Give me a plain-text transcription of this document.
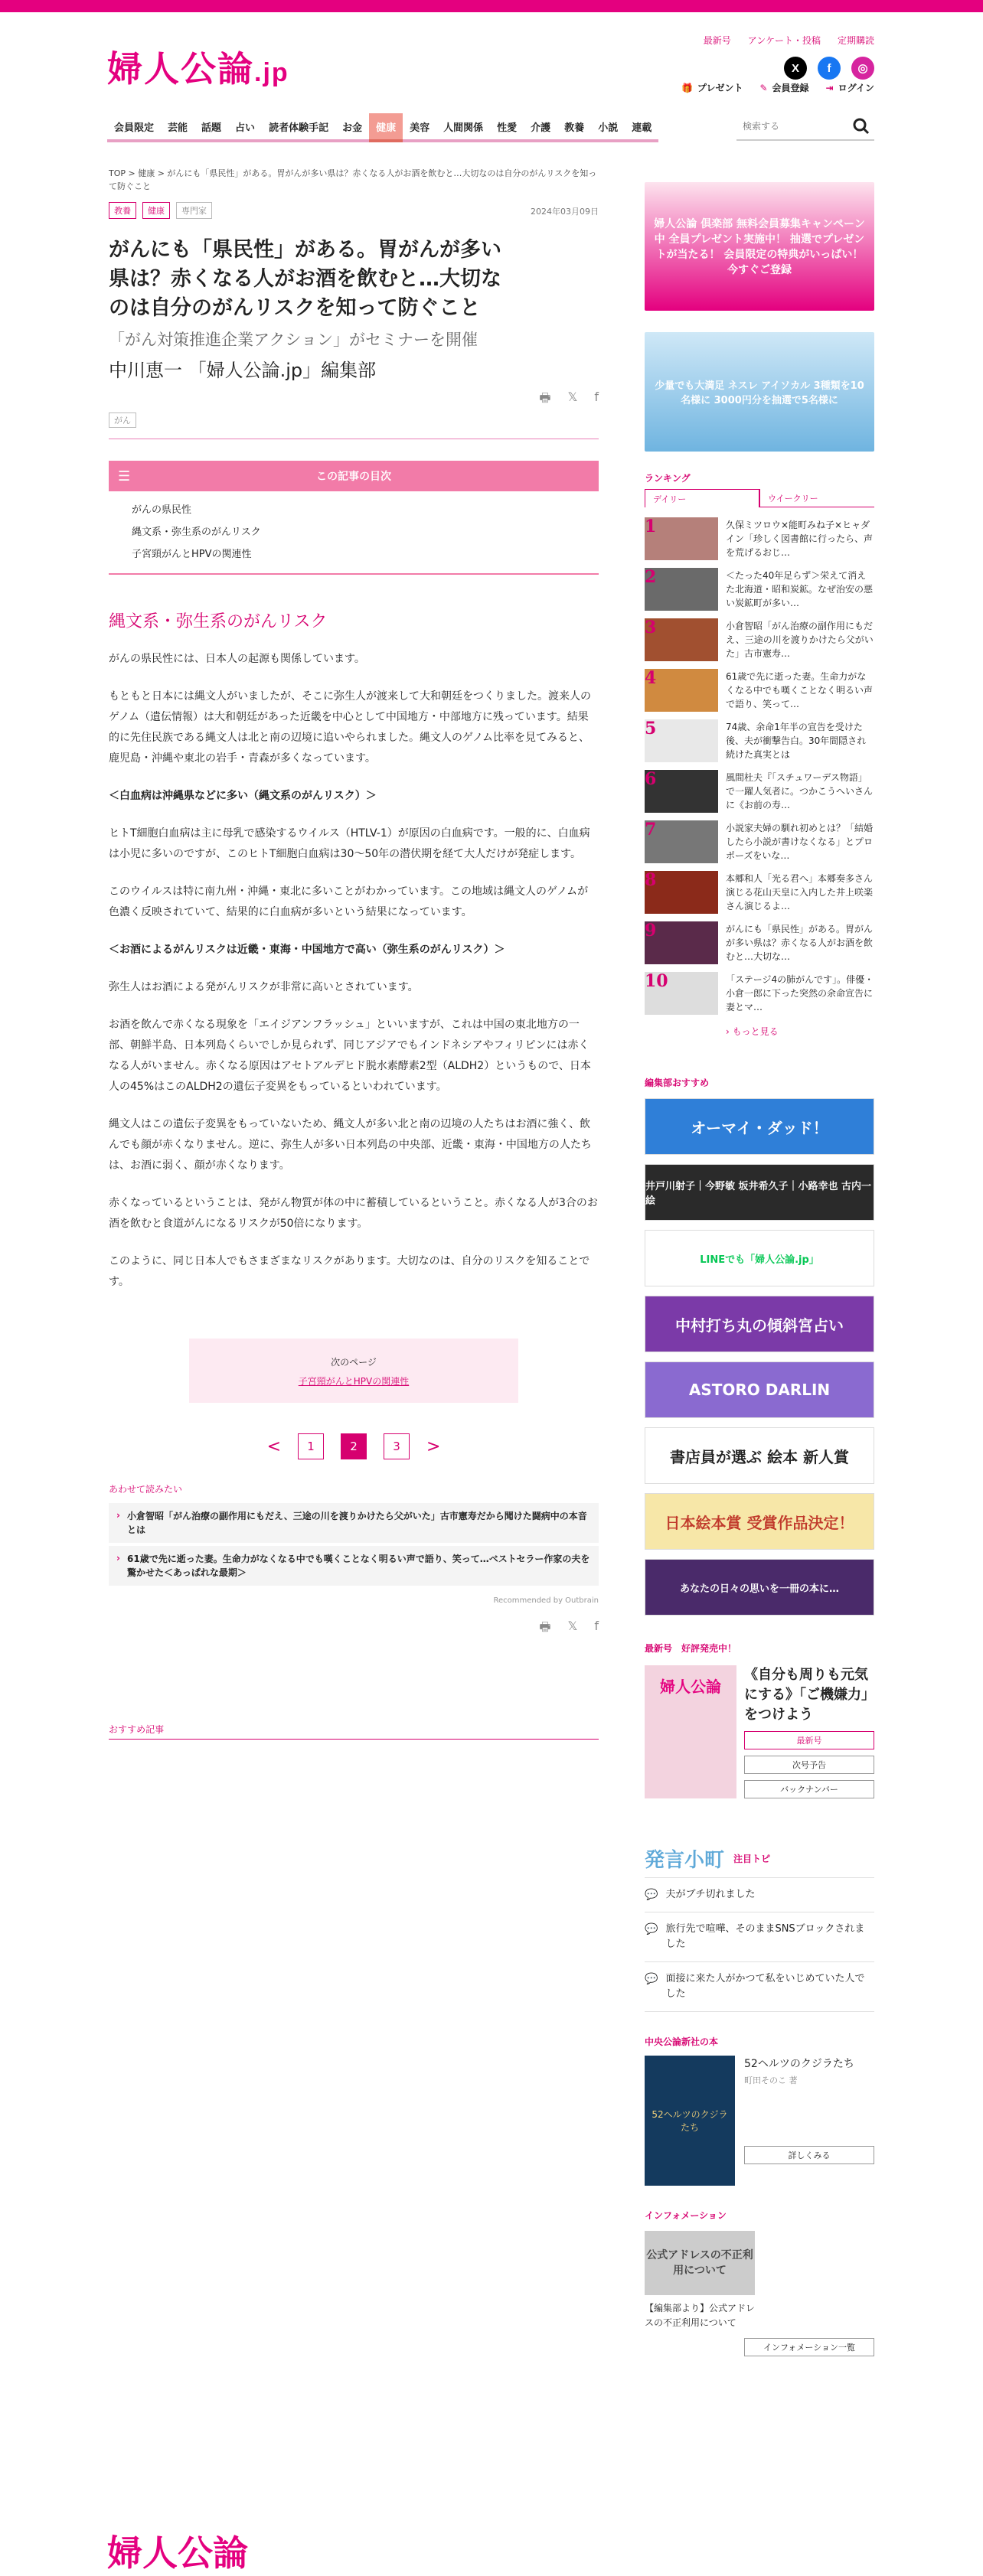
婦人公論.jp
最新号 アンケート・投稿 定期購読
X	f	◎
🎁 プレゼント ✎ 会員登録 ⇥ ログイン
会員限定	芸能	話題	占い	読者体験手記	お金	健康	美容	人間関係	性愛	介護	教養	小説	連載
検索する
TOP > 健康 > がんにも「県民性」がある。胃がんが多い県は？赤くなる人がお酒を飲むと…大切なのは自分のがんリスクを知って防ぐこと
教養	健康	専門家	2024年03月09日
がんにも「県民性」がある。胃がんが多い県は？赤くなる人がお酒を飲むと…大切なのは自分のがんリスクを知って防ぐこと
「がん対策推進企業アクション」がセミナーを開催
中川恵一 「婦人公論.jp」編集部
🖶 𝕏 f
がん
☰	この記事の目次
がんの県民性
縄文系・弥生系のがんリスク
子宮頸がんとHPVの関連性
縄文系・弥生系のがんリスク

がんの県民性には、日本人の起源も関係しています。

もともと日本には縄文人がいましたが、そこに弥生人が渡来して大和朝廷をつくりました。渡来人のゲノム（遺伝情報）は大和朝廷があった近畿を中心として中国地方・中部地方に残っています。結果的に先住民族である縄文人は北と南の辺境に追いやられました。縄文人のゲノム比率を見てみると、鹿児島・沖縄や東北の岩手・青森が多くなっています。

＜白血病は沖縄県などに多い（縄文系のがんリスク）＞

ヒトT細胞白血病は主に母乳で感染するウイルス（HTLV-1）が原因の白血病です。一般的に、白血病は小児に多いのですが、このヒトT細胞白血病は30〜50年の潜伏期を経て大人だけが発症します。

このウイルスは特に南九州・沖縄・東北に多いことがわかっています。この地域は縄文人のゲノムが色濃く反映されていて、結果的に白血病が多いという結果になっています。

＜お酒によるがんリスクは近畿・東海・中国地方で高い（弥生系のがんリスク）＞

弥生人はお酒による発がんリスクが非常に高いとされています。

お酒を飲んで赤くなる現象を「エイジアンフラッシュ」といいますが、これは中国の東北地方の一部、朝鮮半島、日本列島くらいでしか見られず、同じアジアでもインドネシアやフィリピンには赤くなる人がいません。赤くなる原因はアセトアルデヒド脱水素酵素2型（ALDH2）というもので、日本人の45%はこのALDH2の遺伝子変異をもっているといわれています。

縄文人はこの遺伝子変異をもっていないため、縄文人が多い北と南の辺境の人たちはお酒に強く、飲んでも顔が赤くなりません。逆に、弥生人が多い日本列島の中央部、近畿・東海・中国地方の人たちは、お酒に弱く、顔が赤くなります。

赤くなっているということは、発がん物質が体の中に蓄積しているということ。赤くなる人が3合のお酒を飲むと食道がんになるリスクが50倍になります。

このように、同じ日本人でもさまざまなリスクがあります。大切なのは、自分のリスクを知ることです。

次のページ
子宮頸がんとHPVの関連性
<	1	2	3	>
あわせて読みたい
› 小倉智昭「がん治療の副作用にもだえ、三途の川を渡りかけたら父がいた」古市憲寿だから聞けた闘病中の本音とは
› 61歳で先に逝った妻。生命力がなくなる中でも嘆くことなく明るい声で語り、笑って…ベストセラー作家の夫を驚かせた＜あっぱれな最期＞
Recommended by Outbrain
🖶 𝕏 f
おすすめ記事
婦人公論 倶楽部 無料会員募集キャンペーン中 全員プレゼント実施中！ 抽選でプレゼントが当たる！ 会員限定の特典がいっぱい！ 今すぐご登録
少量でも大満足 ネスレ アイソカル 3種類を10名様に 3000円分を抽選で5名様に
ランキング
デイリー	ウイークリー
1	久保ミツロウ×能町みね子×ヒャダイン「珍しく図書館に行ったら、声を荒げるおじ…
2	＜たった40年足らず＞栄えて消えた北海道・昭和炭鉱。なぜ治安の悪い炭鉱町が多い…
3	小倉智昭「がん治療の副作用にもだえ、三途の川を渡りかけたら父がいた」古市憲寿…
4	61歳で先に逝った妻。生命力がなくなる中でも嘆くことなく明るい声で語り、笑って…
5	74歳、余命1年半の宣告を受けた後、夫が衝撃告白。30年間隠され続けた真実とは
6	風間杜夫『「スチュワーデス物語」で一躍人気者に。つかこうへいさんに《お前の寿…
7	小説家夫婦の馴れ初めとは？「結婚したら小説が書けなくなる」とプロポーズをいな…
8	本郷和人「光る君へ」本郷奏多さん演じる花山天皇に入内した井上咲楽さん演じるよ…
9	がんにも「県民性」がある。胃がんが多い県は？赤くなる人がお酒を飲むと…大切な…
10	「ステージ4の肺がんです」。俳優・小倉一郎に下った突然の余命宣告に妻とマ…
› もっと見る
編集部おすすめ
オーマイ・ダッド！
井戸川射子｜今野敏 坂井希久子｜小路幸也 古内一絵
LINEでも「婦人公論.jp」
中村打ち丸の傾斜宮占い
ASTORO DARLIN
書店員が選ぶ 絵本 新人賞
日本絵本賞 受賞作品決定！
あなたの日々の思いを一冊の本に…
最新号　好評発売中！
婦人公論
《自分も周りも元気にする》「ご機嫌力」をつけよう
最新号
次号予告
バックナンバー
発言小町 注目トピ
💬 夫がブチ切れました
💬 旅行先で喧嘩、そのままSNSブロックされました
💬 面接に来た人がかつて私をいじめていた人でした
中央公論新社の本
52ヘルツのクジラたち
52ヘルツのクジラたち
町田そのこ 著
詳しくみる
インフォメーション
公式アドレスの不正利用について
【編集部より】公式アドレスの不正利用について
インフォメーション一覧
婦人公論
